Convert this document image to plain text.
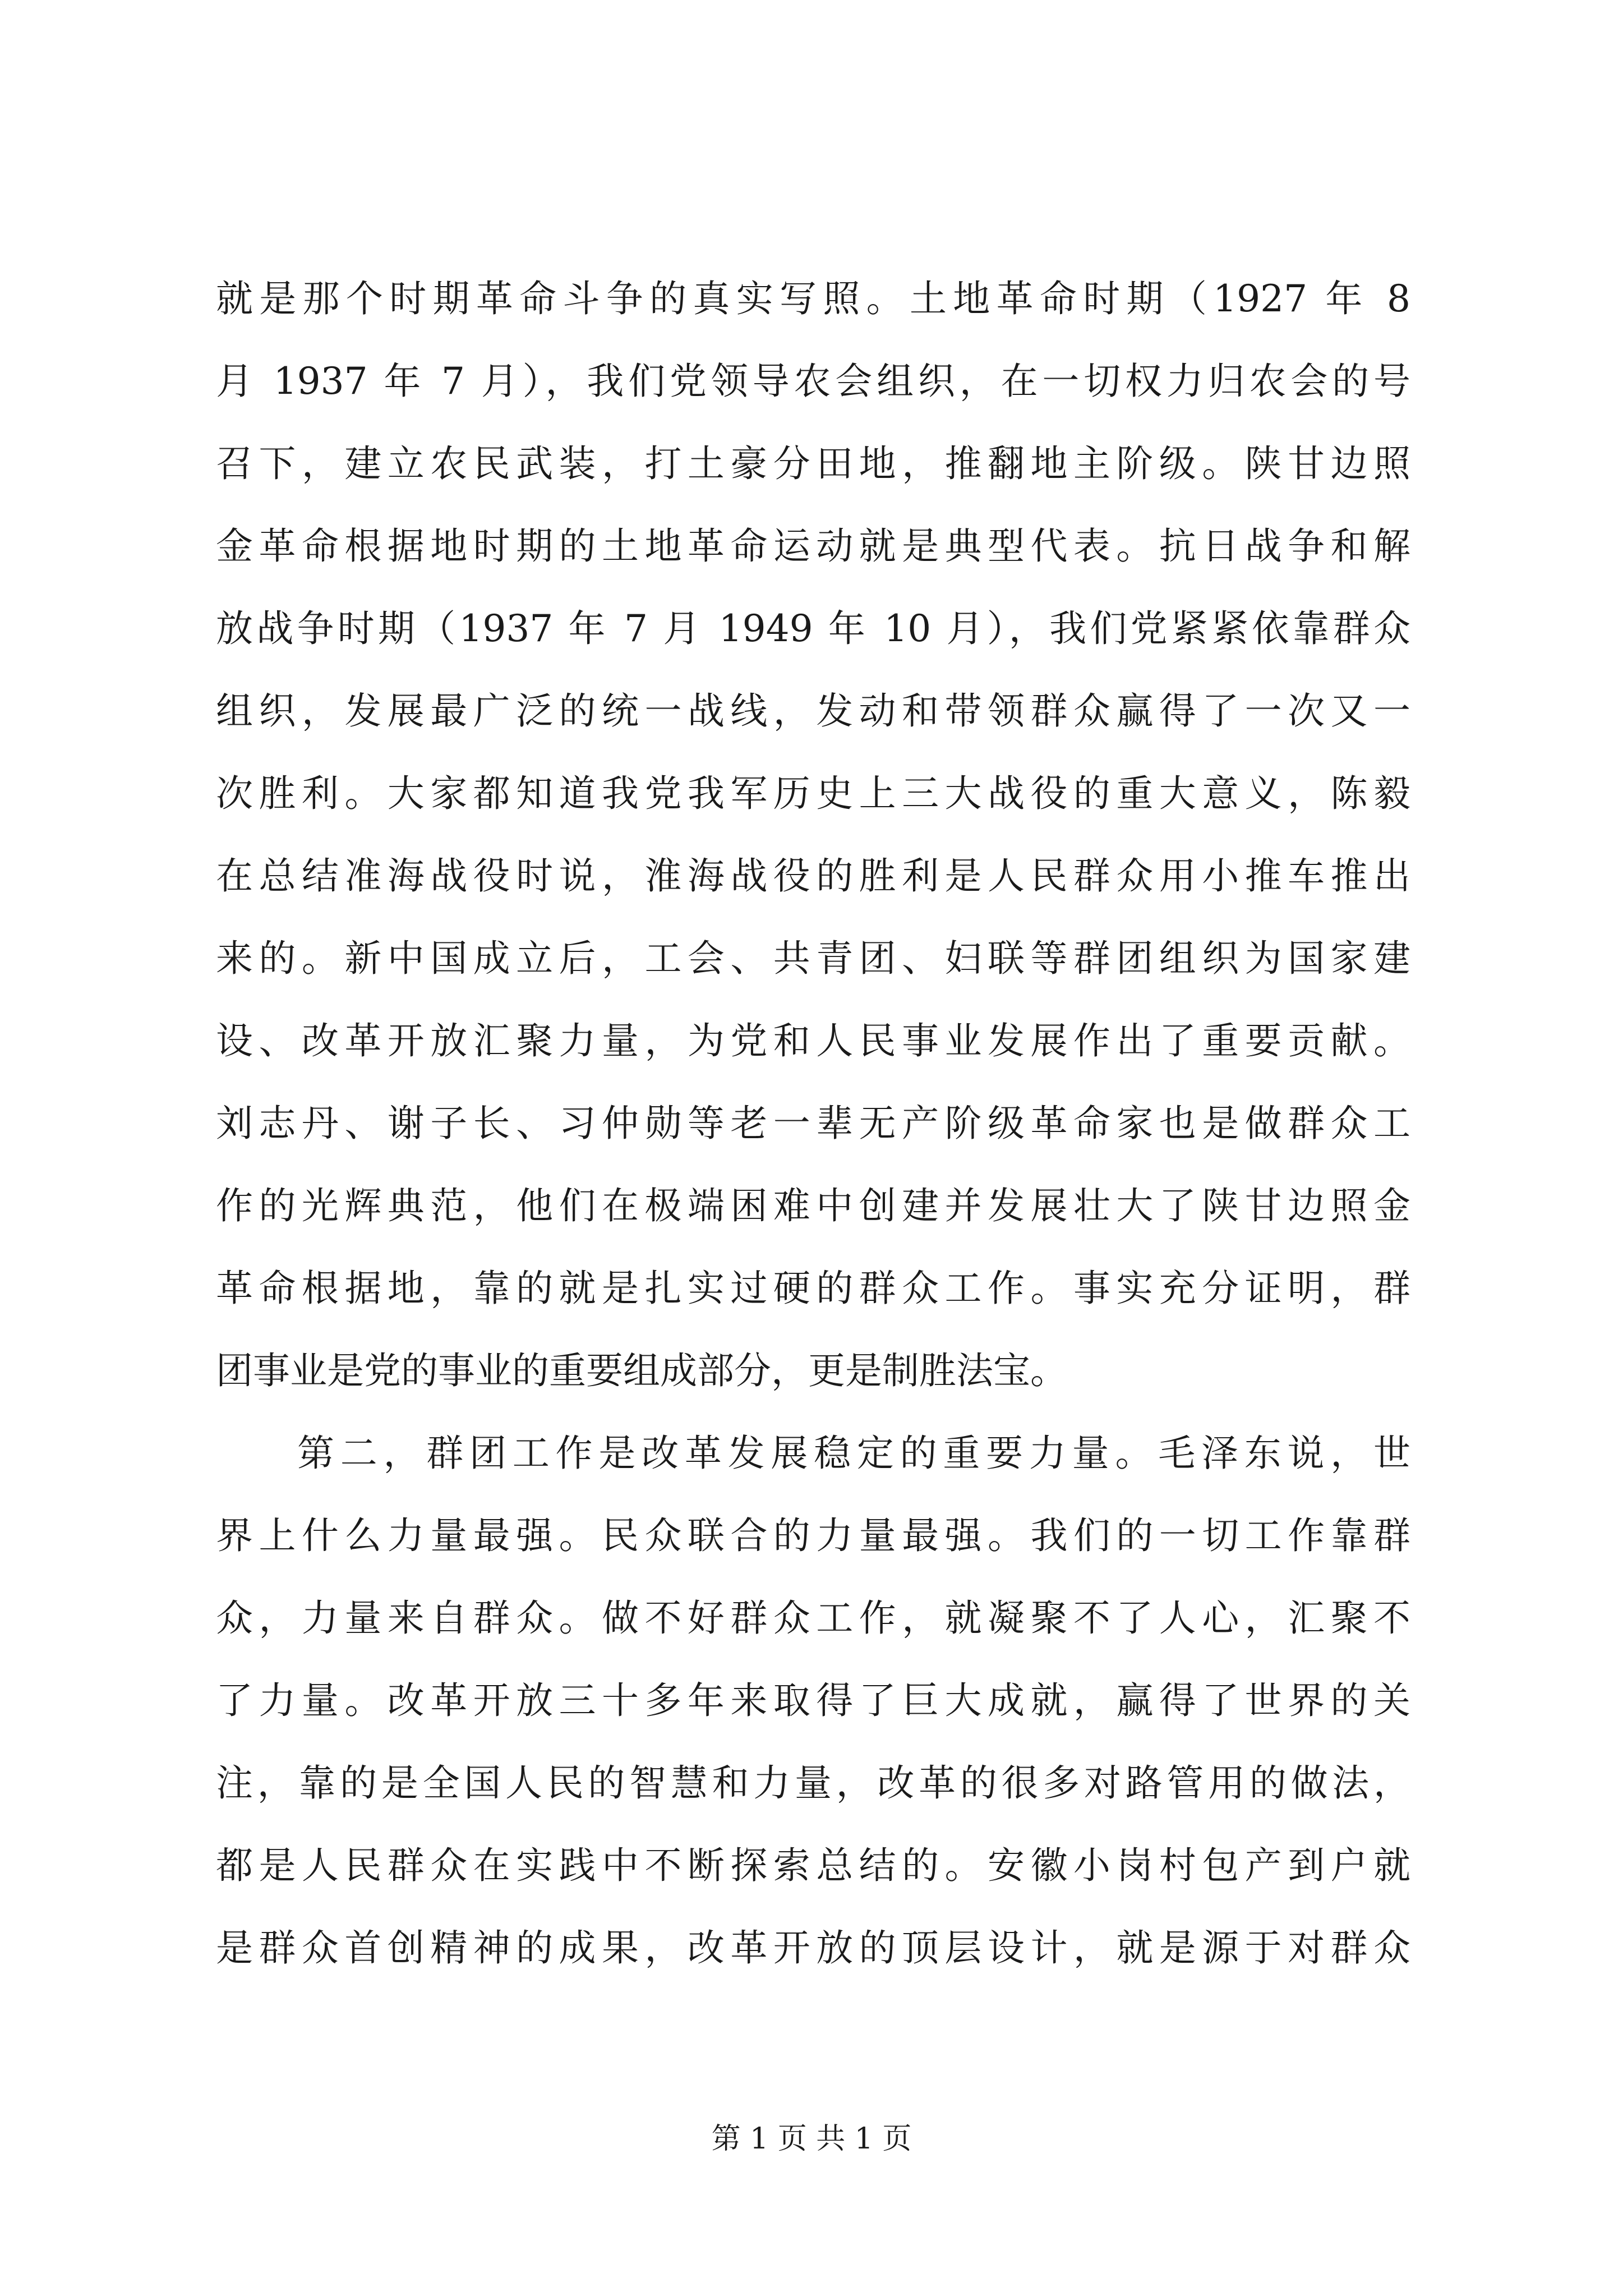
就是那个时期革命斗争的真实写照。土地革命时期（1927 年 8
月 1937 年 7 月），我们党领导农会组织，在一切权力归农会的号
召下，建立农民武装，打土豪分田地，推翻地主阶级。陕甘边照
金革命根据地时期的土地革命运动就是典型代表。抗日战争和解
放战争时期（1937 年 7 月 1949 年 10 月），我们党紧紧依靠群众
组织，发展最广泛的统一战线，发动和带领群众赢得了一次又一
次胜利。大家都知道我党我军历史上三大战役的重大意义，陈毅
在总结准海战役时说，淮海战役的胜利是人民群众用小推车推出
来的。新中国成立后，工会、共青团、妇联等群团组织为国家建
设、改革开放汇聚力量，为党和人民事业发展作出了重要贡献。
刘志丹、谢子长、习仲勋等老一辈无产阶级革命家也是做群众工
作的光辉典范，他们在极端困难中创建并发展壮大了陕甘边照金
革命根据地，靠的就是扎实过硬的群众工作。事实充分证明，群
团事业是党的事业的重要组成部分，更是制胜法宝。
第二，群团工作是改革发展稳定的重要力量。毛泽东说，世
界上什么力量最强。民众联合的力量最强。我们的一切工作靠群
众，力量来自群众。做不好群众工作，就凝聚不了人心，汇聚不
了力量。改革开放三十多年来取得了巨大成就，赢得了世界的关
注，靠的是全国人民的智慧和力量，改革的很多对路管用的做法，
都是人民群众在实践中不断探索总结的。安徽小岗村包产到户就
是群众首创精神的成果，改革开放的顶层设计，就是源于对群众
第 1 页 共 1 页
